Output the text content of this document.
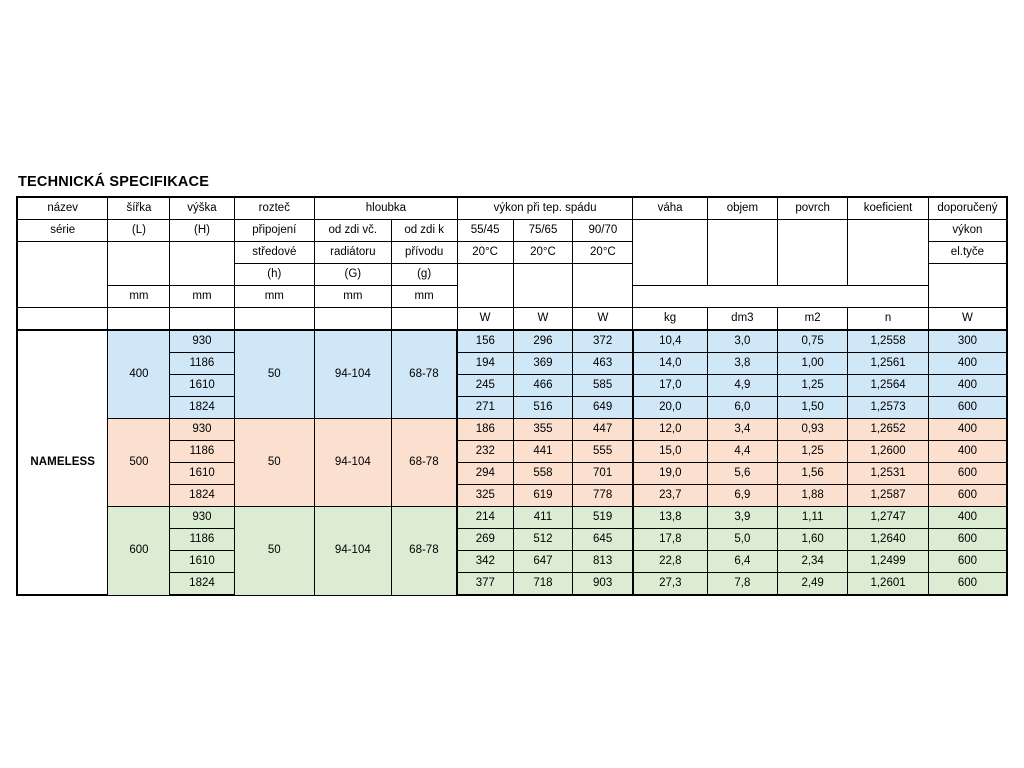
TECHNICKÁ SPECIFIKACE
název	šířka	výška	rozteč	hloubka		výkon při tep. spádu			váha	objem	povrch	koeficient	doporučený
série	(L)	(H)	připojení	od zdi vč.	od zdi k	55/45	75/65	90/70					výkon
			středové	radiátoru	přívodu	20°C	20°C	20°C					el.tyče
			(h)	(G)	(g)								
	mm	mm	mm	mm	mm								
						W	W	W	kg	dm3	m2	n	W
NAMELESS	400	930	50	94-104	68-78	156	296	372	10,4	3,0	0,75	1,2558	300
		1186				194	369	463	14,0	3,8	1,00	1,2561	400
		1610				245	466	585	17,0	4,9	1,25	1,2564	400
		1824				271	516	649	20,0	6,0	1,50	1,2573	600
	500	930	50	94-104	68-78	186	355	447	12,0	3,4	0,93	1,2652	400
		1186				232	441	555	15,0	4,4	1,25	1,2600	400
		1610				294	558	701	19,0	5,6	1,56	1,2531	600
		1824				325	619	778	23,7	6,9	1,88	1,2587	600
	600	930	50	94-104	68-78	214	411	519	13,8	3,9	1,11	1,2747	400
		1186				269	512	645	17,8	5,0	1,60	1,2640	600
		1610				342	647	813	22,8	6,4	2,34	1,2499	600
		1824				377	718	903	27,3	7,8	2,49	1,2601	600
